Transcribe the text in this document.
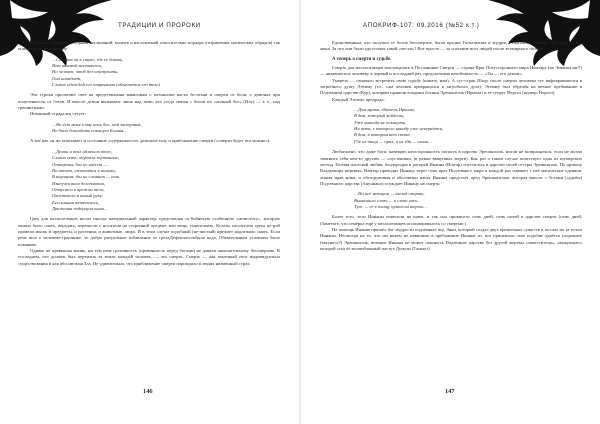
ТРАДИЦИИ И ПРОРОКИ

В текстах «Шурпу» (сборник заклинаний, молитв и наставлений относительно порядка отправления магических обрядов) так описан роль демона-галу:

…Спешит он к ступе, где ее боязнь,
Нет никакой местности,
Но человек, чтоб без отступить,
Она нападает,
Словно одеждой его покрывает (облачается его тело)

Эти строки пролагают свет на представления вавилонян о механизме насти бо-лезни и смерти от боли, о демонах при полученности от ботов. И вместе демон вызывают лишь над теми, кто тогда связан с богом их «личный бог» (Илу) — т. е., над грешни-ками.

Невинный страдалец сетует:

…Не ест меня в эту ночь бог, мой заступник,
Не было благодать покинула Богиня…

А вот как он же описывает и состояние «одержимости» демоном-галу и приближение смерти («смерти будет что можно»):

…Демон и веял облачило тело,
Словно сеть, опутала заутенные,
Отмерены, бог не внёсет —
Ни отчет, оплотится я ногами,
В наушном, бог не слышит — уши,
Изнеучен вила делоплотно,
Отпустил в прежом тело,
Окостенела я анный руку,
Бессильная возвесились,
Движения подёрнула кыно…

Грех для месопотамцев носил иногда материальный характер, представляя со-бойнекую особенную «нечистоту», которую можно было снять, передать, перенести с носителя на сторонний предмет или вещь, уничтожить. Кстати, носителем греха по-рой провели мышь и предметы, и растения, и животные, люди. И в этом случае подобный (не-чистый) предмет надлежало снять. Если речь шла о человеке-грешнике, то дoбро ритуальное избавление от грехаДефектностьбыла вода. Обязательным условием было покаяние.

Однако не превышая жизнь, ни тем паче греховность (провинность перед богами) не давали окончательному бессмертию. В последнем, что должен был пережить за земле каждый человек, — это смерть. Смерть — как конечный итог индивидуально существования и как абсолютная Зла. Не удивительно, что приближение смерти порождало в людях низменный страх.

146
АПОКРИФ-107: 09.2016 (№52 к.т.)

Единственным, кто получил от богов бессмертие, были предки Гильгамеша и мудрец Утнапишти (шумер. Зиусудра) и его жена. За что они были удостоены такой «чести»? Вот просто — за спасение всех людей после всемирного потопа…

А теперь о смерти и судьбе.

Смерть для месопотамцев воплощалась в Посланнике Смерти — страна Врат Потустороннего мира Намтару (не Энмеша ни!!) — являвшегося человеку в первый и последний раз, предсказывая неизбежность — «Ты — его демон».

Умереть — означало встретить свою судьбу (шимту, нам). А сус-стран Шаду после смерти человека тут вифляровывался в загробного душу Этемму (т.е., сам человек превращался в загробного духа). Этемму был обречён на вечное пребывание в Подземном царстве (Кур), которым правили владыки богини Эрешкигаль (Ирнала) и её супруг Нергал (шумер. Нергал).

Каждый Этемму предрада:

…Дом мрака, обитель Иркалы,
В дом, который войдешь,
Уже никогда не покинуть,
На путь, с которого никаду уже невернётся,
В дом, в котором нет света,
Где их пища — прах, а их еда — глина…

Любопытно, что даже боги, навещаю неосторожность попасть в царство Эрешкигаль, могли не возвращаться, если не могли заменить себя кем-то другим — «пустышки» (в рамке выкупных жертв). Как раз о таком случае повествует одна из шумерских легенд. Богиня плотской любви, плодородия и распрей Инанна (Иштар) спустилась в царство своей сестры Эрешкигаль. По приказу Владычицы мёртвых, Намтар проводит Иннану через семь врат Подземного мира в каждой раз снимает с неё магические одеяния, лишая нрав кожи, и обезоруживая и абсолютно нагая Инанна предстаёт пред Эрешкигалью, которая вносит с богами (судьбы) Подземного царства (Ануннаки) осуждает Иннану на смерть:

…На неё метнули — взгляд смерти,
Вымолвили слово — в слово гнев…
Тут, — ее к плащу приплели атрою…

Более того, тело Иннаны повесили на крюк, и так оно провисело семь дней, семь ночей в царстве смерти (семь дней, (Заметьте, что семёрка ещё у месопотамцев ассоциировалось со смертью.)

На помощь Инанне пришёл бог мудрости подземных вод Энки, который создал двух крошечных существ и послал их за телом Иннаны. Несмотря на то, что им никем не невинимо в пребывание Инанне из, все прицепили свое подобие удаётся ухороните (закунесь?) Эрешкигаль, великие Иннана не может покинуть Подземное царство без другой жертвы «заместителя», «выкупную» которой стал её возлюбленный пастух Думузи (Таммуз).

147
